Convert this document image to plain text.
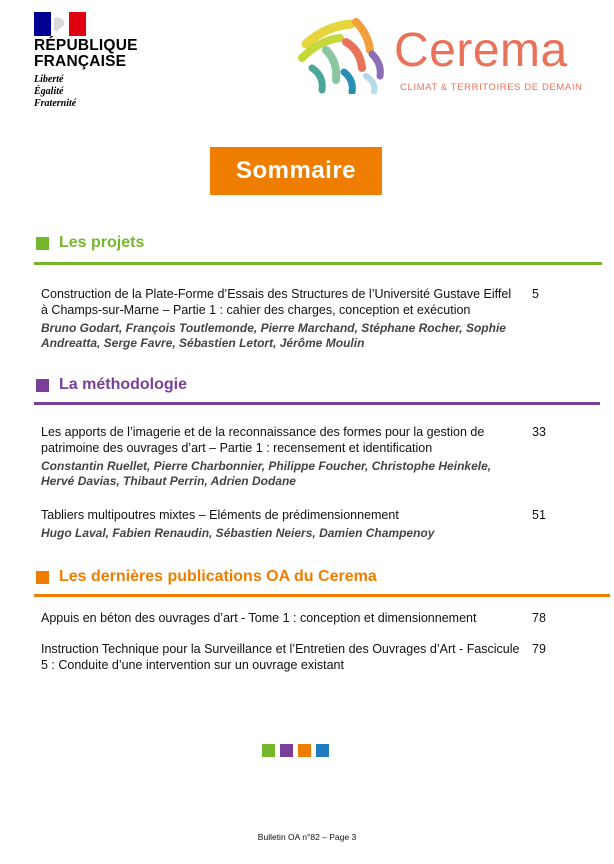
RÉPUBLIQUE
FRANÇAISE
Liberté
Égalité
Fraternité
Cerema
CLIMAT & TERRITOIRES DE DEMAIN
Sommaire
Les projets
Construction de la Plate-Forme d’Essais des Structures de l’Université Gustave Eiffel à Champs-sur-Marne – Partie 1 : cahier des charges, conception et exécution
Bruno Godart, François Toutlemonde, Pierre Marchand, Stéphane Rocher, Sophie Andreatta, Serge Favre, Sébastien Letort, Jérôme Moulin
5
La méthodologie
Les apports de l’imagerie et de la reconnaissance des formes pour la gestion de patrimoine des ouvrages d’art – Partie 1 : recensement et identification
Constantin Ruellet, Pierre Charbonnier, Philippe Foucher, Christophe Heinkele, Hervé Davias, Thibaut Perrin, Adrien Dodane
33
Tabliers multipoutres mixtes – Eléments de prédimensionnement
Hugo Laval, Fabien Renaudin, Sébastien Neiers, Damien Champenoy
51
Les dernières publications OA du Cerema
Appuis en béton des ouvrages d’art - Tome 1 : conception et dimensionnement	78
Instruction Technique pour la Surveillance et l’Entretien des Ouvrages d’Art - Fascicule 5 : Conduite d’une intervention sur un ouvrage existant
79
Bulletin OA n°82 – Page 3
